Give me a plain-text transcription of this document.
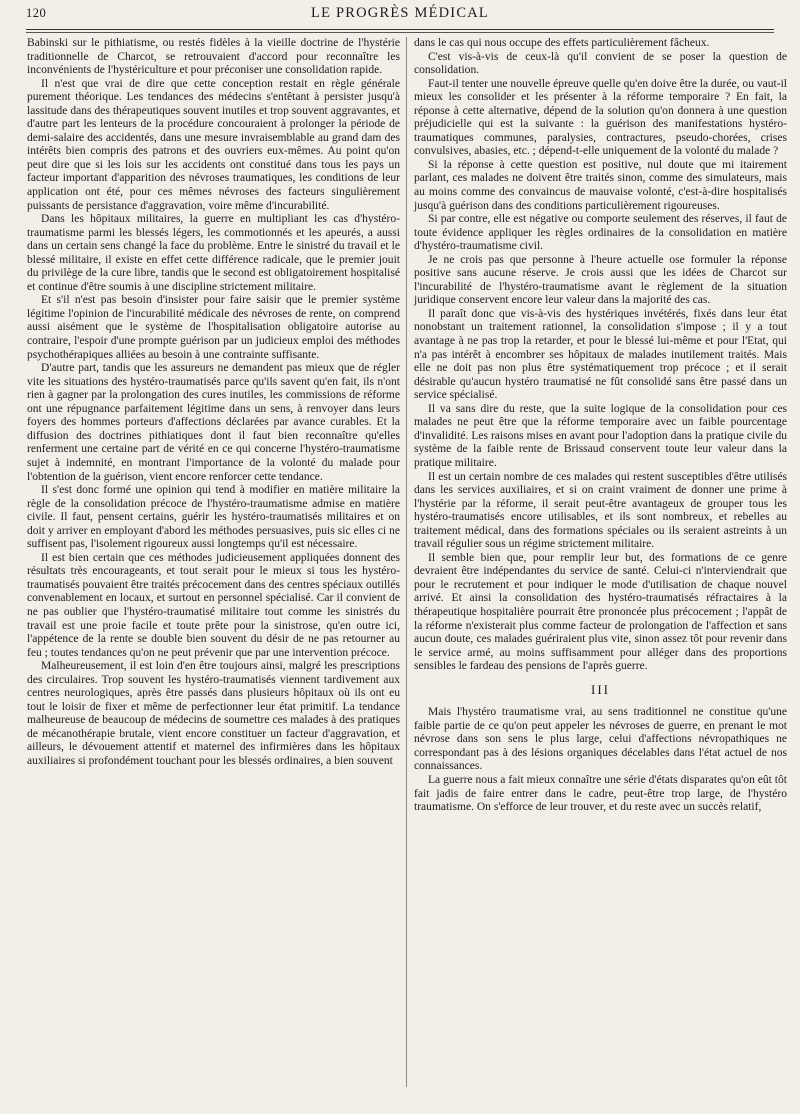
120	LE PROGRÈS MÉDICAL

Babinski sur le pithiatisme, ou restés fidèles à la vieille doctrine de l'hystérie traditionnelle de Charcot, se retrouvaient d'accord pour reconnaître les inconvénients de l'hystériculture et pour préconiser une consolidation rapide.

Il n'est que vrai de dire que cette conception restait en règle générale purement théorique. Les tendances des médecins s'entêtant à persister jusqu'à lassitude dans des thérapeutiques souvent inutiles et trop souvent aggravantes, et d'autre part les lenteurs de la procédure concouraient à prolonger la période de demi-salaire des accidentés, dans une mesure invraisemblable au grand dam des intérêts bien compris des patrons et des ouvriers eux-mêmes. Au point qu'on peut dire que si les lois sur les accidents ont constitué dans tous les pays un facteur important d'apparition des névroses traumatiques, les conditions de leur application ont été, pour ces mêmes névroses des facteurs singulièrement puissants de persistance d'aggravation, voire même d'incurabilité.

Dans les hôpitaux militaires, la guerre en multipliant les cas d'hystéro-traumatisme parmi les blessés légers, les commotionnés et les apeurés, a aussi dans un certain sens changé la face du problème. Entre le sinistré du travail et le blessé militaire, il existe en effet cette différence radicale, que le premier jouit du privilège de la cure libre, tandis que le second est obligatoirement hospitalisé et continue d'être soumis à une discipline strictement militaire.

Et s'il n'est pas besoin d'insister pour faire saisir que le premier système légitime l'opinion de l'incurabilité médicale des névroses de rente, on comprend aussi aisément que le système de l'hospitalisation obligatoire autorise au contraire, l'espoir d'une prompte guérison par un judicieux emploi des méthodes psychothérapiques alliées au besoin à une contrainte suffisante.

D'autre part, tandis que les assureurs ne demandent pas mieux que de régler vite les situations des hystéro-traumatisés parce qu'ils savent qu'en fait, ils n'ont rien à gagner par la prolongation des cures inutiles, les commissions de réforme ont une répugnance parfaitement légitime dans un sens, à renvoyer dans leurs foyers des hommes porteurs d'affections déclarées par avance curables. Et la diffusion des doctrines pithiatiques dont il faut bien reconnaître qu'elles renferment une certaine part de vérité en ce qui concerne l'hystéro-traumatisme sujet à indemnité, en montrant l'importance de la volonté du malade pour l'obtention de la guérison, vient encore renforcer cette tendance.

Il s'est donc formé une opinion qui tend à modifier en matière militaire la règle de la consolidation précoce de l'hystéro-traumatisme admise en matière civile. Il faut, pensent certains, guérir les hystéro-traumatisés militaires et on doit y arriver en employant d'abord les méthodes persuasives, puis sic elles ci ne suffisent pas, l'isolement rigoureux aussi longtemps qu'il est nécessaire.

Il est bien certain que ces méthodes judicieusement appliquées donnent des résultats très encourageants, et tout serait pour le mieux si tous les hystéro-traumatisés pouvaient être traités précocement dans des centres spéciaux outillés convenablement en locaux, et surtout en personnel spécialisé. Car il convient de ne pas oublier que l'hystéro-traumatisé militaire tout comme les sinistrés du travail est une proie facile et toute prête pour la sinistrose, qu'en outre ici, l'appétence de la rente se double bien souvent du désir de ne pas retourner au feu ; toutes tendances qu'on ne peut prévenir que par une intervention précoce.

Malheureusement, il est loin d'en être toujours ainsi, malgré les prescriptions des circulaires. Trop souvent les hystéro-traumatisés viennent tardivement aux centres neurologiques, après être passés dans plusieurs hôpitaux où ils ont eu tout le loisir de fixer et même de perfectionner leur état primitif. La tendance malheureuse de beaucoup de médecins de soumettre ces malades à des pratiques de mécanothérapie brutale, vient encore constituer un facteur d'aggravation, et ailleurs, le dévouement attentif et maternel des infirmières dans les hôpitaux auxiliaires si profondément touchant pour les blessés ordinaires, a bien souvent

dans le cas qui nous occupe des effets particulièrement fâcheux.

C'est vis-à-vis de ceux-là qu'il convient de se poser la question de consolidation.

Faut-il tenter une nouvelle épreuve quelle qu'en doive être la durée, ou vaut-il mieux les consolider et les présenter à la réforme temporaire ? En fait, la réponse à cette alternative, dépend de la solution qu'on donnera à une question préjudicielle qui est la suivante : la guérison des manifestations hystéro-traumatiques communes, paralysies, contractures, pseudo-chorées, crises convulsives, abasies, etc. ; dépend-t-elle uniquement de la volonté du malade ?

Si la réponse à cette question est positive, nul doute que mi itairement parlant, ces malades ne doivent être traités sinon, comme des simulateurs, mais au moins comme des convaincus de mauvaise volonté, c'est-à-dire hospitalisés jusqu'à guérison dans des conditions particulièrement rigoureuses.

Si par contre, elle est négative ou comporte seulement des réserves, il faut de toute évidence appliquer les règles ordinaires de la consolidation en matière d'hystéro-traumatisme civil.

Je ne crois pas que personne à l'heure actuelle ose formuler la réponse positive sans aucune réserve. Je crois aussi que les idées de Charcot sur l'incurabilité de l'hystéro-traumatisme avant le règlement de la situation juridique conservent encore leur valeur dans la majorité des cas.

Il paraît donc que vis-à-vis des hystériques invétérés, fixés dans leur état nonobstant un traitement rationnel, la consolidation s'impose ; il y a tout avantage à ne pas trop la retarder, et pour le blessé lui-même et pour l'Etat, qui n'a pas intérêt à encombrer ses hôpitaux de malades inutilement traités. Mais elle ne doit pas non plus être systématiquement trop précoce ; et il serait désirable qu'aucun hystéro traumatisé ne fût consolidé sans être passé dans un service spécialisé.

Il va sans dire du reste, que la suite logique de la consolidation pour ces malades ne peut être que la réforme temporaire avec un faible pourcentage d'invalidité. Les raisons mises en avant pour l'adoption dans la pratique civile du système de la faible rente de Brissaud conservent toute leur valeur dans la pratique militaire.

Il est un certain nombre de ces malades qui restent susceptibles d'être utilisés dans les services auxiliaires, et si on craint vraiment de donner une prime à l'hystérie par la réforme, il serait peut-être avantageux de grouper tous les hystéro-traumatisés encore utilisables, et ils sont nombreux, et rebelles au traitement médical, dans des formations spéciales ou ils seraient astreints à un travail régulier sous un régime strictement militaire.

Il semble bien que, pour remplir leur but, des formations de ce genre devraient être indépendantes du service de santé. Celui-ci n'interviendrait que pour le recrutement et pour indiquer le mode d'utilisation de chaque nouvel arrivé. Et ainsi la consolidation des hystéro-traumatisés réfractaires à la thérapeutique hospitalière pourrait être prononcée plus précocement ; l'appât de la réforme n'existerait plus comme facteur de prolongation de l'affection et sans aucun doute, ces malades guériraient plus vite, sinon assez tôt pour revenir dans le service armé, au moins suffisamment pour alléger dans des proportions sensibles le fardeau des pensions de l'après guerre.

III

Mais l'hystéro traumatisme vrai, au sens traditionnel ne constitue qu'une faible partie de ce qu'on peut appeler les névroses de guerre, en prenant le mot névrose dans son sens le plus large, celui d'affections névropathiques ne correspondant pas à des lésions organiques décelables dans l'état actuel de nos connaissances.

La guerre nous a fait mieux connaître une série d'états disparates qu'on eût tôt fait jadis de faire entrer dans le cadre, peut-être trop large, de l'hystéro traumatisme. On s'efforce de leur trouver, et du reste avec un succès relatif,
